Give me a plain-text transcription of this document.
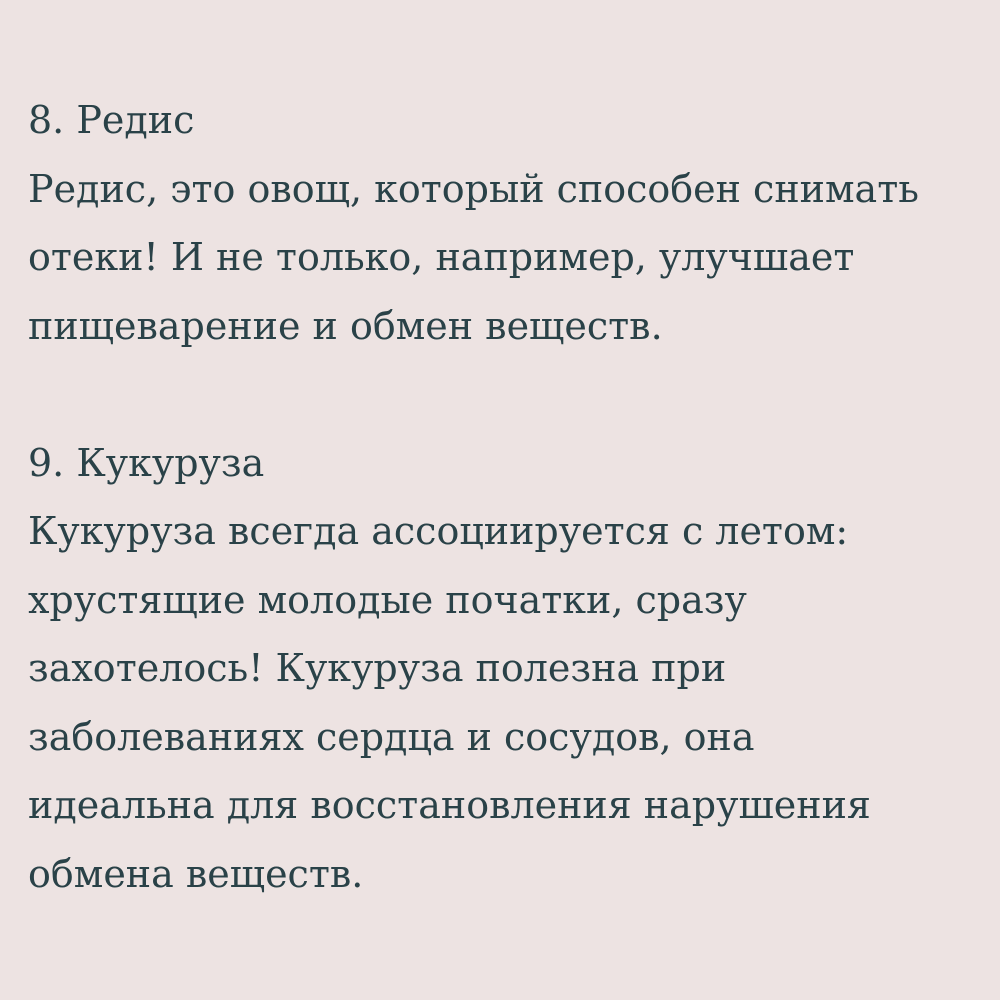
8. Редис
Редис, это овощ, который способен снимать
отеки! И не только, например, улучшает
пищеварение и обмен веществ.
9. Кукуруза
Кукуруза всегда ассоциируется с летом:
хрустящие молодые початки, сразу
захотелось! Кукуруза полезна при
заболеваниях сердца и сосудов, она
идеальна для восстановления нарушения
обмена веществ.
